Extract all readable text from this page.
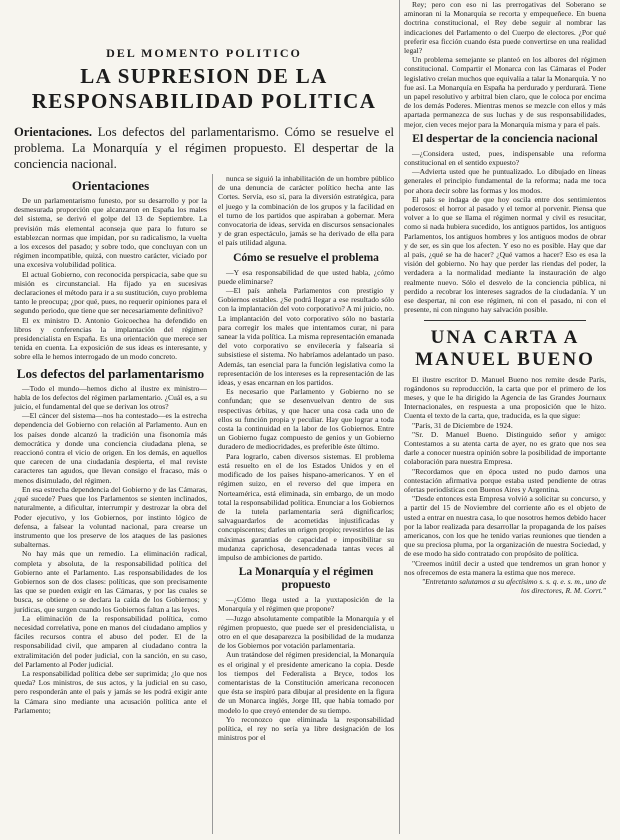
DEL MOMENTO POLITICO
LA SUPRESION DE LA RESPONSABILIDAD POLITICA
Orientaciones. Los defectos del parlamentarismo. Cómo se resuelve el problema. La Monarquía y el régimen propuesto. El despertar de la conciencia nacional.
Orientaciones

De un parlamentarismo funesto, por su desarrollo y por la desmesurada proporción que alcanzaron en España los males del sistema, se derivó el golpe del 13 de Septiembre. La previsión más elemental aconseja que para lo futuro se establezcan normas que impidan, por su radicalismo, la vuelta a los excesos del pasado; y sobre todo, que concluyan con un régimen incompatible, quizá, con nuestro carácter, viciado por una excesiva volubilidad política.

El actual Gobierno, con reconocida perspicacia, sabe que su misión es circunstancial. Ha fijado ya en sucesivas declaraciones el método para ir a su sustitución, cuyo problema tanto le preocupa; ¿por qué, pues, no requerir opiniones para el segundo periodo, que tiene que ser necesariamente definitivo?

El ex ministro D. Antonio Goicoechea ha defendido en libros y conferencias la implantación del régimen presidencialista en España. Es una orientación que merece ser tenida en cuenta. La exposición de sus ideas es interesante, y sobre ella le hemos interrogado de un modo concreto.

Los defectos del parlamentarismo

—Todo el mundo—hemos dicho al ilustre ex ministro—habla de los defectos del régimen parlamentario. ¿Cuál es, a su juicio, el fundamental del que se derivan los otros?

—El cáncer del sistema—nos ha contestado—es la estrecha dependencia del Gobierno con relación al Parlamento. Aun en los países donde alcanzó la tradición una fisonomía más democrática y donde una conciencia ciudadana plena, se reaccionó contra el vicio de origen. En los demás, en aquellos que carecen de una ciudadanía despierta, el mal reviste caracteres tan agudos, que llevan consigo el fracaso, más o menos disimulado, del régimen.

En esa estrecha dependencia del Gobierno y de las Cámaras, ¿qué sucede? Pues que los Parlamentos se sienten inclinados, naturalmente, a dificultar, interrumpir y destrozar la obra del Poder ejecutivo, y los Gobiernos, por instinto lógico de defensa, a falsear la voluntad nacional, para crearse un instrumento que los preserve de los ataques de las pasiones subalternas.

No hay más que un remedio. La eliminación radical, completa y absoluta, de la responsabilidad política del Gobierno ante el Parlamento. Las responsabilidades de los Gobiernos son de dos clases: políticas, que son precisamente las que se pueden exigir en las Cámaras, y por las cuales se busca, se obtiene o se declara la caída de los Gobiernos; y jurídicas, que surgen cuando los Gobiernos faltan a las leyes.

La eliminación de la responsabilidad política, como necesidad correlativa, pone en manos del ciudadano amplios y fáciles recursos contra el abuso del poder. El de la responsabilidad civil, que amparen al ciudadano contra la extralimitación del poder judicial, con la sanción, en su caso, del Parlamento al Poder judicial.

La responsabilidad política debe ser suprimida; ¿lo que nos queda? Los ministros, de sus actos, y la judicial en su caso, pero responderán ante el país y jamás se les podrá exigir ante la Cámara sino mediante una acusación política ante el Parlamento;

nunca se siguió la inhabilitación de un hombre público de una denuncia de carácter político hecha ante las Cortes. Servía, eso sí, para la diversión estratégica, para el juego y la combinación de los grupos y la facilidad en el turno de los partidos que aspiraban a gobernar. Mera convocatoria de ideas, servida en discursos sensacionales y de gran espectáculo, jamás se ha derivado de ella para el país utilidad alguna.

Cómo se resuelve el problema

—Y esa responsabilidad de que usted habla, ¿cómo puede eliminarse?

—El país anhela Parlamentos con prestigio y Gobiernos estables. ¿Se podrá llegar a ese resultado sólo con la implantación del voto corporativo? A mi juicio, no. La implantación del voto corporativo sólo no bastaría para corregir los males que intentamos curar, ni para sanear la vida política. La misma representación emanada del voto corporativo se envilecería y falsearía si subsistiese el sistema. No habríamos adelantado un paso. Además, tan esencial para la función legislativa como la representación de los intereses es la representación de las ideas, y esas encarnan en los partidos.

Es necesario que Parlamento y Gobierno no se confundan; que se desenvuelvan dentro de sus respectivas órbitas, y que hacer una cosa cada uno de ellos su función propia y peculiar. Hay que lograr a toda costa la continuidad en la labor de los Gobiernos. Entre un Gobierno fugaz compuesto de genios y un Gobierno duradero de mediocridades, es preferible éste último.

Para lograrlo, caben diversos sistemas. El problema está resuelto en el de los Estados Unidos y en el modificado de los países hispano-americanos. Y en el régimen suizo, en el reverso del que impera en Norteamérica, está eliminada, sin embargo, de un modo total la responsabilidad política. Enunciar a los Gobiernos de la tutela parlamentaria será dignificarlos; salvaguardarlos de acometidas injustificadas y concupiscentes; darles un origen propio; revestirlos de las máximas garantías de capacidad e imposibilitar su mudanza caprichosa, desencadenada tantas veces al impulso de ambiciones de partido.

La Monarquía y el régimen propuesto

—¿Cómo llega usted a la yuxtaposición de la Monarquía y el régimen que propone?

—Juzgo absolutamente compatible la Monarquía y el régimen propuesto, que puede ser el presidencialista, u otro en el que desaparezca la posibilidad de la mudanza de los Gobiernos por votación parlamentaria.

Aun tratándose del régimen presidencial, la Monarquía es el original y el presidente americano la copia. Desde los tiempos del Federalista a Bryce, todos los comentaristas de la Constitución americana reconocen que ésta se inspiró para dibujar al presidente en la figura de un Monarca inglés, Jorge III, que había tomado por modelo lo que creyó entender de su tiempo.

Yo reconozco que eliminada la responsabilidad política, el rey no sería ya libre designación de los ministros por el

Rey; pero con eso ni las prerrogativas del Soberano se aminoran ni la Monarquía se recorta y empequeñece. En buena doctrina constitucional, el Rey debe seguir al nombrar las indicaciones del Parlamento o del Cuerpo de electores. ¿Por qué preferir esa ficción cuando ésta puede convertirse en una realidad legal?

Un problema semejante se planteó en los albores del régimen constitucional. Compartir el Monarca con las Cámaras el Poder legislativo creían muchos que equivalía a talar la Monarquía. Y no fue así. La Monarquía en España ha perdurado y perdurará. Tiene un papel resolutivo y arbitral bien claro, que le coloca por encima de los demás Poderes. Mientras menos se mezcle con ellos y más apartada permanezca de sus luchas y de sus responsabilidades, mejor, cien veces mejor para la Monarquía misma y para el país.

El despertar de la conciencia nacional

—¿Considera usted, pues, indispensable una reforma constitucional en el sentido expuesto?

—Advierta usted que he puntualizado. Lo dibujado en líneas generales el principio fundamental de la reforma; nada me toca por ahora decir sobre las formas y los modos.

El país se indaga de que hoy oscila entre dos sentimientos poderosos: el horror al pasado y el temor al porvenir. Piensa que volver a lo que se llama el régimen normal y civil es resucitar, como si nada hubiera sucedido, los antiguos partidos, los antiguos Parlamentos, los antiguos hombres y los antiguos modos de obrar y de ser, es sin que los afecten. Y eso no es posible. Hay que dar al país, ¿qué se ha de hacer? ¿Qué vamos a hacer? Eso es esa la visión del gobierno. No hay que perder las riendas del poder, la verdadera a la normalidad mediante la instauración de algo realmente nuevo. Sólo el desvelo de la conciencia pública, ni perdido a recobrar los intereses sagrados de la ciudadanía. Y un ese despertar, ni con ese régimen, ni con el pasado, ni con el presente, ni con ninguno hay salvación posible.

UNA CARTA A MANUEL BUENO

El ilustre escritor D. Manuel Bueno nos remite desde París, rogándonos su reproducción, la carta que por el primero de los meses, y que le ha dirigido la Agencia de las Grandes Journaux Internacionales, en respuesta a una proposición que le hizo. Cuenta el texto de la carta, que, traducida, es la que sigue:

"París, 31 de Diciembre de 1924.

"Sr. D. Manuel Bueno. Distinguido señor y amigo: Contestamos a su atenta carta de ayer, no es grato que nos sea darle a conocer nuestra opinión sobre la posibilidad de importante colaboración para nuestra Empresa.

"Recordamos que en época usted no pudo darnos una contestación afirmativa porque estaba usted pendiente de otras ofertas periodísticas con Buenos Aires y Argentina.

"Desde entonces esta Empresa volvió a solicitar su concurso, y a partir del 15 de Noviembre del corriente año es el objeto de usted a entrar en nuestra casa, lo que nosotros hemos debido hacer por la labor realizada para desarrollar la propaganda de los países americanos, con los que he tenido varias reuniones que tienden a que su preciosa pluma, por la organización de nuestra Sociedad, y de ese modo ha sido contratado con propósito de política.

"Creemos inútil decir a usted que tendremos un gran honor y nos ofrecemos de esta manera la estima que nos merece.

"Entretanto salutamos a su afectísimo s. s. q. e. s. m., uno de los directores, R. M. Corrt."
